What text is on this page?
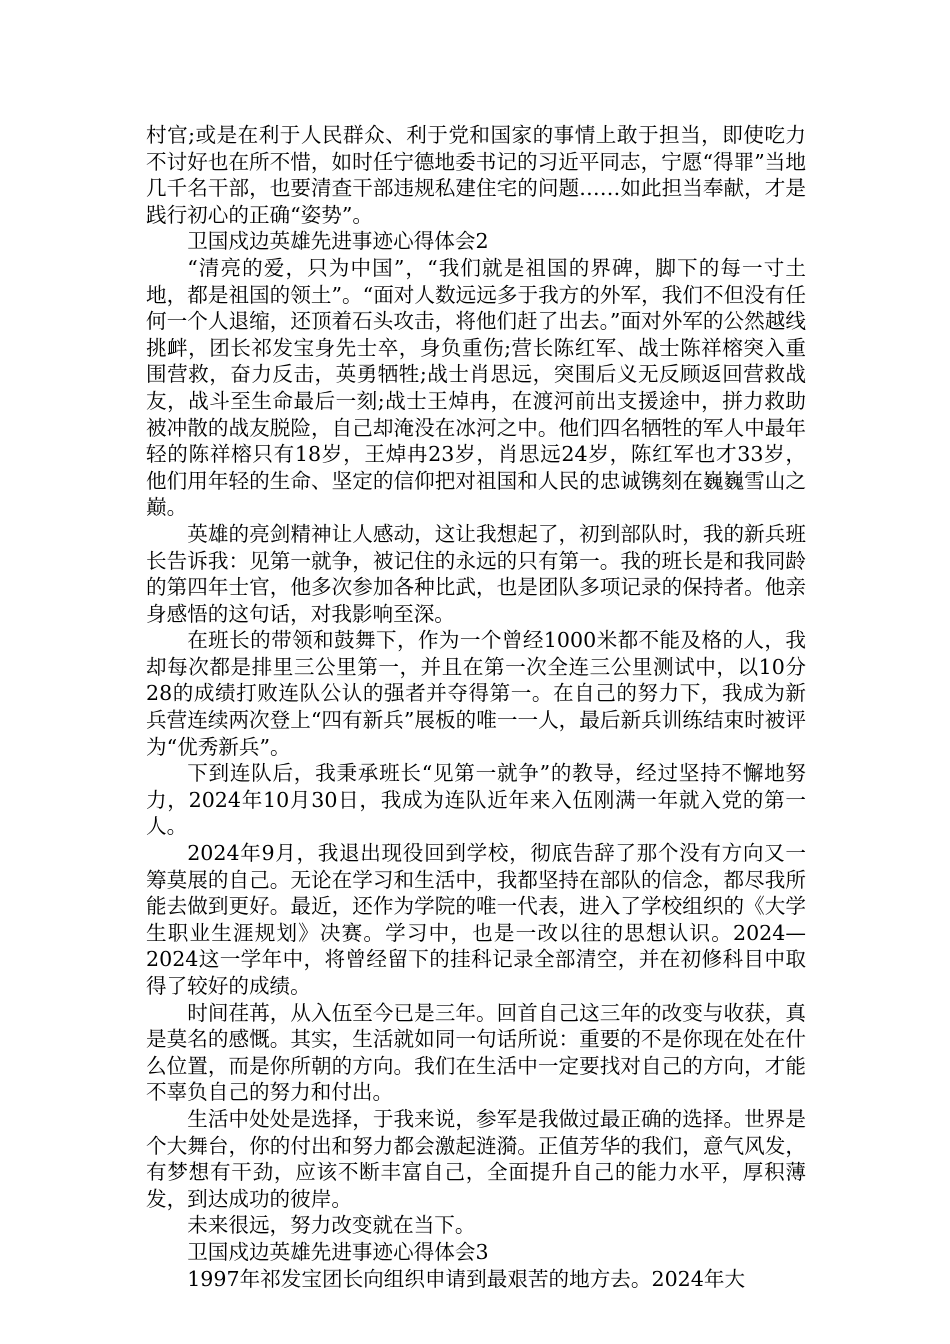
村官;或是在利于人民群众、利于党和国家的事情上敢于担当，即使吃力不讨好也在所不惜，如时任宁德地委书记的习近平同志，宁愿“得罪”当地几千名干部，也要清查干部违规私建住宅的问题……如此担当奉献，才是践行初心的正确“姿势”。

卫国戍边英雄先进事迹心得体会2

“清亮的爱，只为中国”，“我们就是祖国的界碑，脚下的每一寸土地，都是祖国的领土”。“面对人数远远多于我方的外军，我们不但没有任何一个人退缩，还顶着石头攻击，将他们赶了出去。”面对外军的公然越线挑衅，团长祁发宝身先士卒，身负重伤;营长陈红军、战士陈祥榕突入重围营救，奋力反击，英勇牺牲;战士肖思远，突围后义无反顾返回营救战友，战斗至生命最后一刻;战士王焯冉，在渡河前出支援途中，拼力救助被冲散的战友脱险，自己却淹没在冰河之中。他们四名牺牲的军人中最年轻的陈祥榕只有18岁，王焯冉23岁，肖思远24岁，陈红军也才33岁，他们用年轻的生命、坚定的信仰把对祖国和人民的忠诚镌刻在巍巍雪山之巅。

英雄的亮剑精神让人感动，这让我想起了，初到部队时，我的新兵班长告诉我：见第一就争，被记住的永远的只有第一。我的班长是和我同龄的第四年士官，他多次参加各种比武，也是团队多项记录的保持者。他亲身感悟的这句话，对我影响至深。

在班长的带领和鼓舞下，作为一个曾经1000米都不能及格的人，我却每次都是排里三公里第一，并且在第一次全连三公里测试中，以10分28的成绩打败连队公认的强者并夺得第一。在自己的努力下，我成为新兵营连续两次登上“四有新兵”展板的唯一一人，最后新兵训练结束时被评为“优秀新兵”。

下到连队后，我秉承班长“见第一就争”的教导，经过坚持不懈地努力，2024年10月30日，我成为连队近年来入伍刚满一年就入党的第一人。

2024年9月，我退出现役回到学校，彻底告辞了那个没有方向又一筹莫展的自己。无论在学习和生活中，我都坚持在部队的信念，都尽我所能去做到更好。最近，还作为学院的唯一代表，进入了学校组织的《大学生职业生涯规划》决赛。学习中，也是一改以往的思想认识。2024—2024这一学年中，将曾经留下的挂科记录全部清空，并在初修科目中取得了较好的成绩。

时间荏苒，从入伍至今已是三年。回首自己这三年的改变与收获，真是莫名的感慨。其实，生活就如同一句话所说：重要的不是你现在处在什么位置，而是你所朝的方向。我们在生活中一定要找对自己的方向，才能不辜负自己的努力和付出。

生活中处处是选择，于我来说，参军是我做过最正确的选择。世界是个大舞台，你的付出和努力都会激起涟漪。正值芳华的我们，意气风发，有梦想有干劲，应该不断丰富自己，全面提升自己的能力水平，厚积薄发，到达成功的彼岸。

未来很远，努力改变就在当下。

卫国戍边英雄先进事迹心得体会3

1997年祁发宝团长向组织申请到最艰苦的地方去。2024年大
